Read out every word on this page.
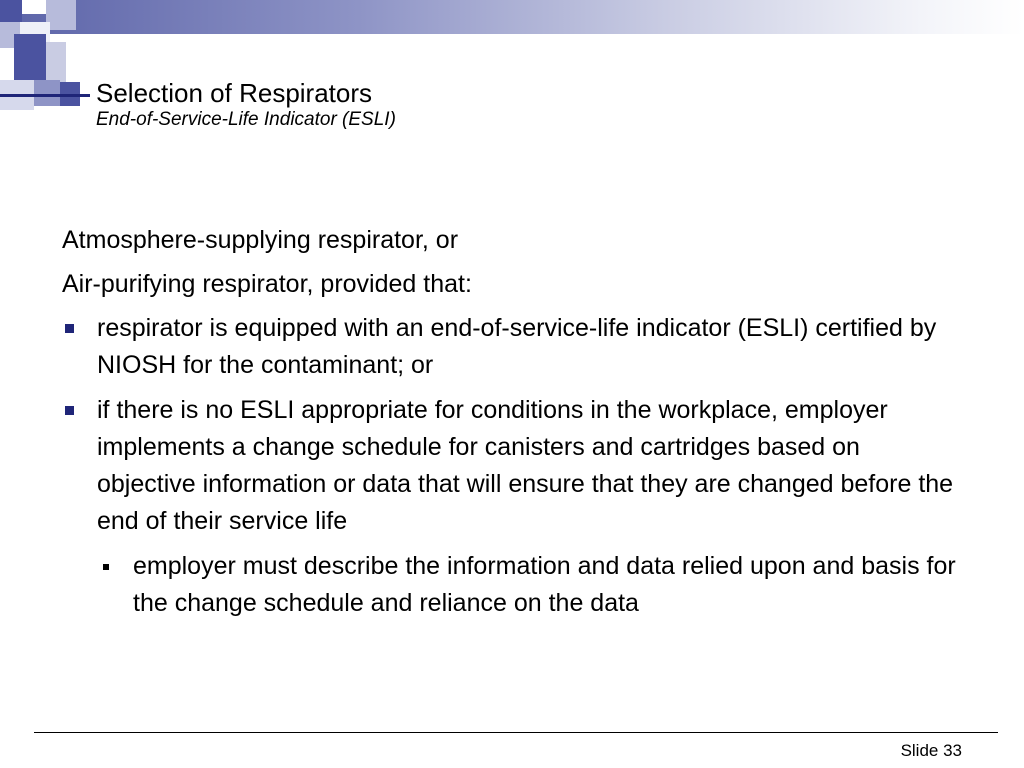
Selection of Respirators
End-of-Service-Life Indicator (ESLI)

Atmosphere-supplying respirator, or

Air-purifying respirator, provided that:

respirator is equipped with an end-of-service-life indicator (ESLI) certified by NIOSH for the contaminant; or
if there is no ESLI appropriate for conditions in the workplace, employer implements a change schedule for canisters and cartridges based on objective information or data that will ensure that they are changed before the end of their service life
employer must describe the information and data relied upon and basis for the change schedule and reliance on the data
Slide 33
